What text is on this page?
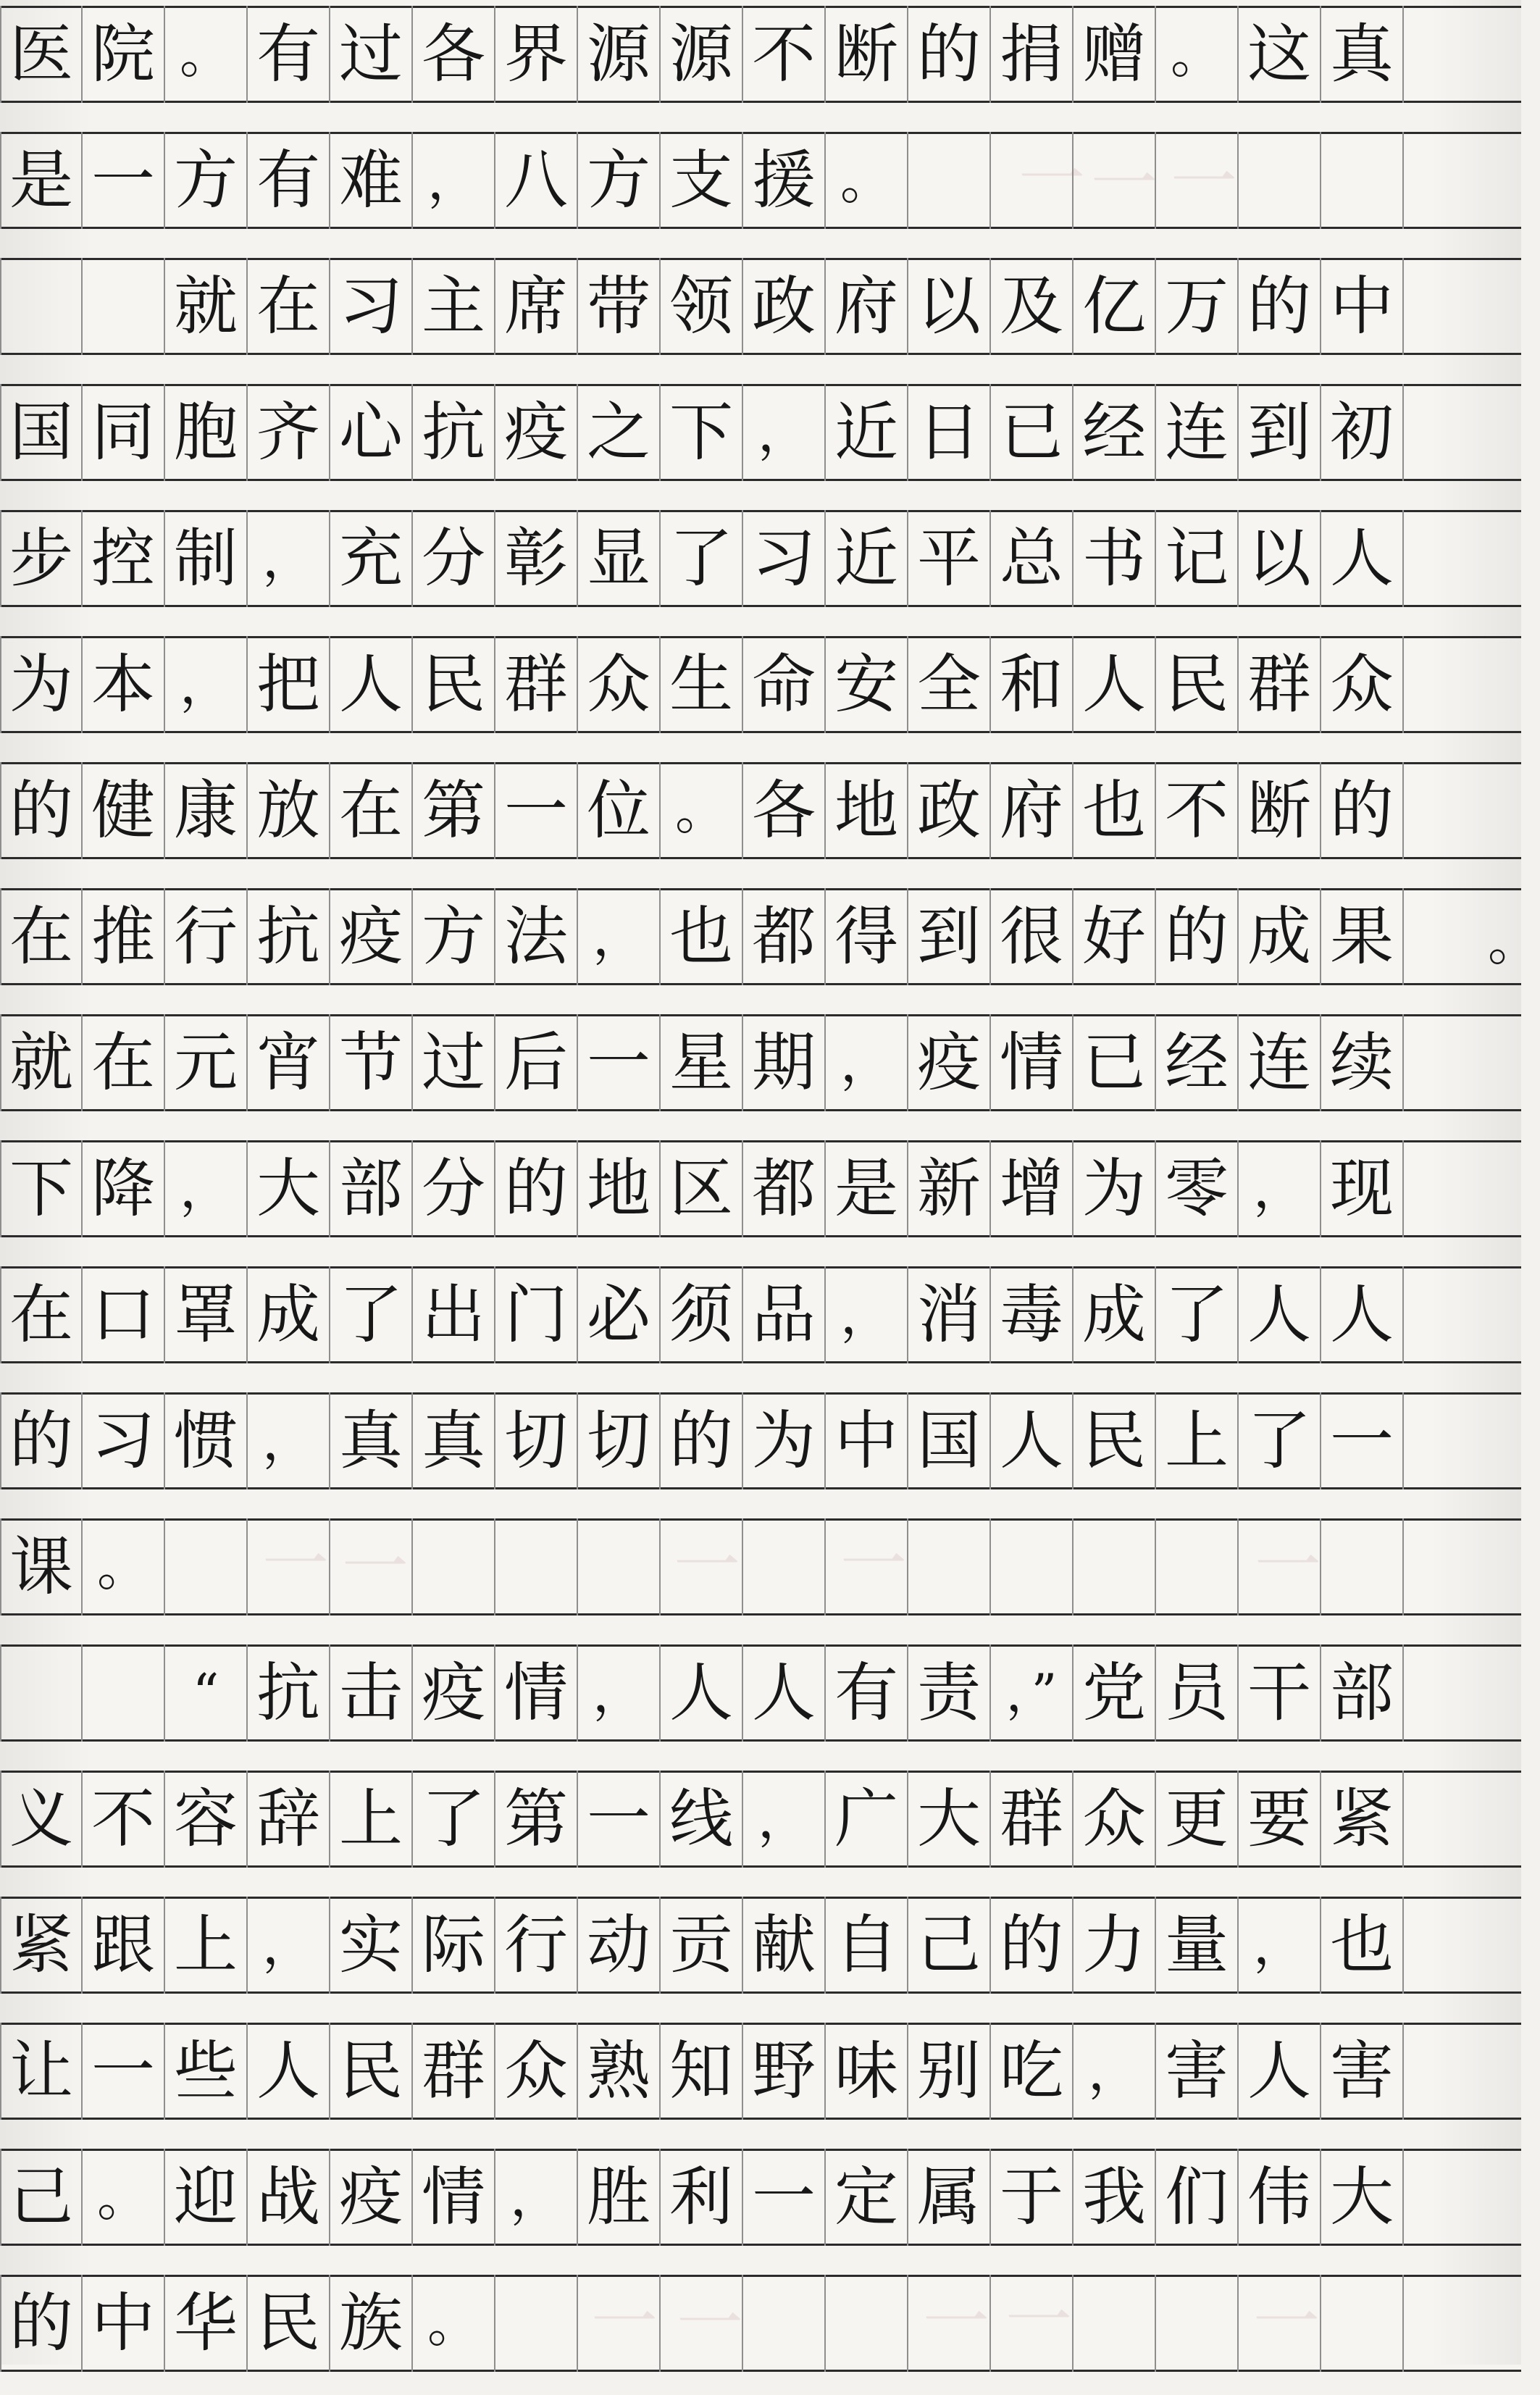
医 院 。 有 过 各 界 源 源 不 断 的 捐 赠 。 这 真
是 一 方 有 难 ， 八 方 支 援 。
就 在 习 主 席 带 领 政 府 以 及 亿 万 的 中
国 同 胞 齐 心 抗 疫 之 下 ， 近 日 已 经 连 到 初
步 控 制 ， 充 分 彰 显 了 习 近 平 总 书 记 以 人
为 本 ， 把 人 民 群 众 生 命 安 全 和 人 民 群 众
的 健 康 放 在 第 一 位 。 各 地 政 府 也 不 断 的
在 推 行 抗 疫 方 法 ， 也 都 得 到 很 好 的 成 果
就 在 元 宵 节 过 后 一 星 期 ， 疫 情 已 经 连 续
下 降 ， 大 部 分 的 地 区 都 是 新 增 为 零 ， 现
在 口 罩 成 了 出 门 必 须 品 ， 消 毒 成 了 人 人
的 习 惯 ， 真 真 切 切 的 为 中 国 人 民 上 了 一
课 。
“ 抗 击 疫 情 ， 人 人 有 责 ，” 党 员 干 部
义 不 容 辞 上 了 第 一 线 ， 广 大 群 众 更 要 紧
紧 跟 上 ， 实 际 行 动 贡 献 自 己 的 力 量 ， 也
让 一 些 人 民 群 众 熟 知 野 味 别 吃 ， 害 人 害
己 。 迎 战 疫 情 ， 胜 利 一 定 属 于 我 们 伟 大
的 中 华 民 族 。
。
一 一 一
一 一	一 一	一
一 一	一 一	一
